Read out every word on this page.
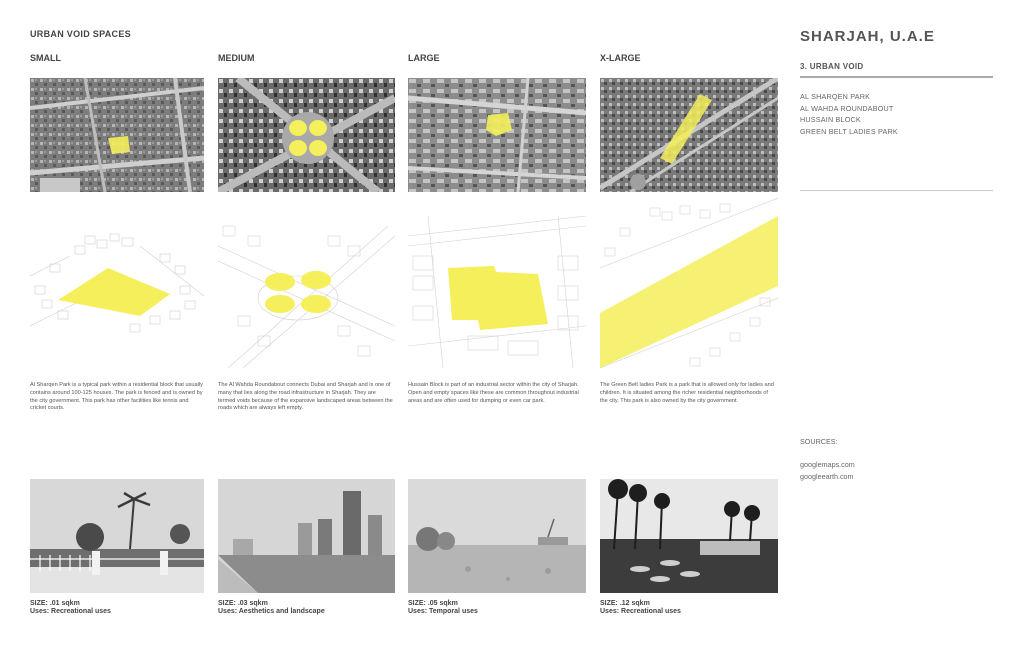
URBAN VOID SPACES
SMALL	MEDIUM	LARGE	X-LARGE
Al Sharqen Park is a typical park within a residential block that usually contains around 100-125 houses. The park is fenced and is owned by the city government. This park has other facilities like tennis and cricket courts.
The Al Wahda Roundabout connects Dubai and Sharjah and is one of many that lies along the road infrastructure in Sharjah. They are termed voids because of the expansive landscaped areas between the roads which are always left empty.
Hussain Block is part of an industrial sector within the city of Sharjah. Open and empty spaces like these are common throughout industrial areas and are often used for dumping or even car park.
The Green Belt ladies Park is a park that is allowed only for ladies and children. It is situated among the richer residential neighborhoods of the city. This park is also owned by the city government.
SIZE: .01 sqkm
Uses: Recreational uses
SIZE: .03 sqkm
Uses: Aesthetics and landscape
SIZE: .05 sqkm
Uses: Temporal uses
SIZE: .12 sqkm
Uses: Recreational uses
SHARJAH, U.A.E
3. URBAN VOID
AL SHARQEN PARK
AL WAHDA ROUNDABOUT
HUSSAIN BLOCK
GREEN BELT LADIES PARK
SOURCES:
googlemaps.com
googleearth.com
